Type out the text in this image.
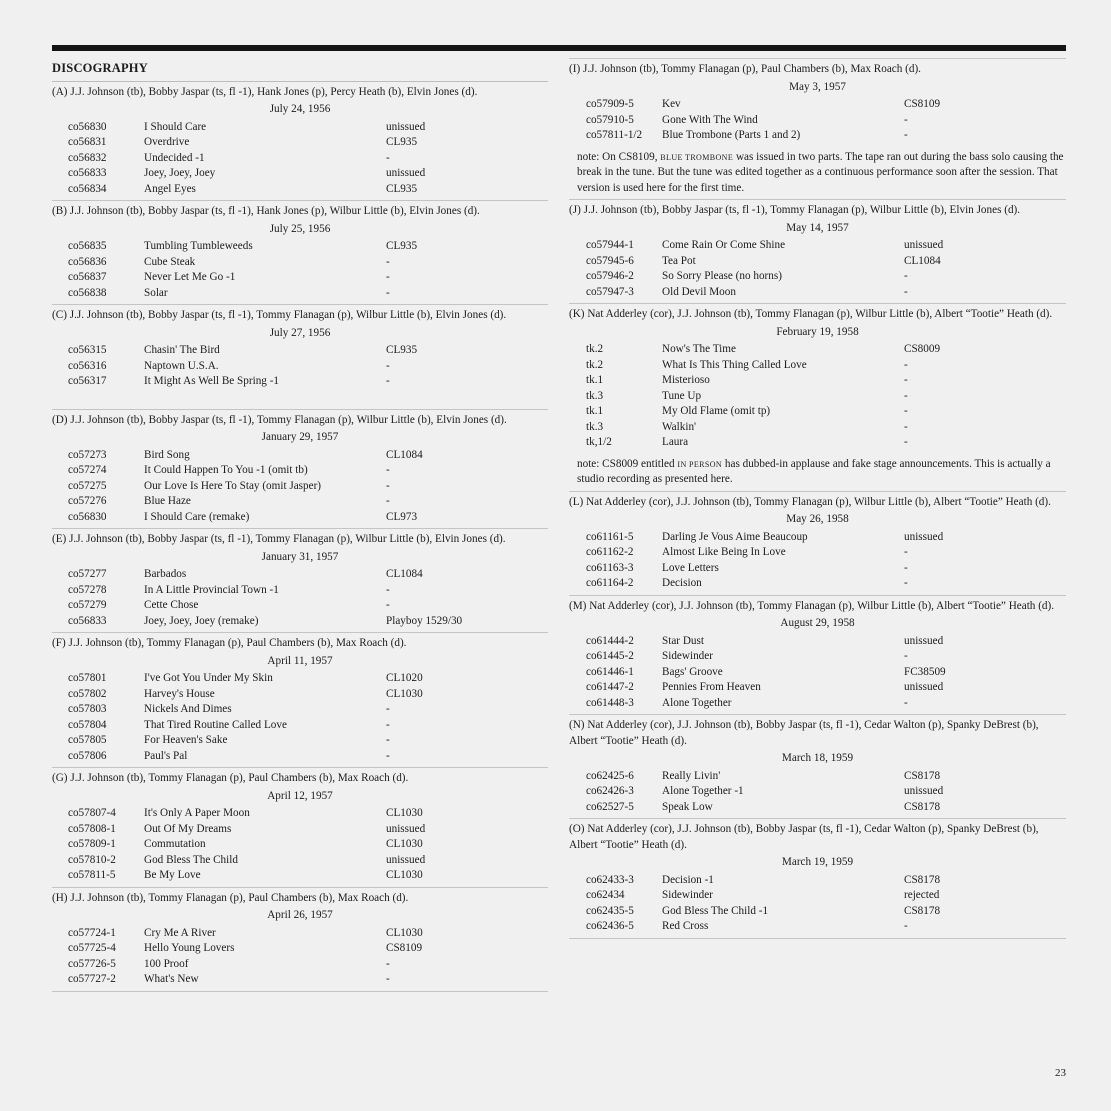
DISCOGRAPHY

(A) J.J. Johnson (tb), Bobby Jaspar (ts, fl -1), Hank Jones (p), Percy Heath (b), Elvin Jones (d).

July 24, 1956
co56830	I Should Care	unissued
co56831	Overdrive	CL935
co56832	Undecided -1	-
co56833	Joey, Joey, Joey	unissued
co56834	Angel Eyes	CL935

(B) J.J. Johnson (tb), Bobby Jaspar (ts, fl -1), Hank Jones (p), Wilbur Little (b), Elvin Jones (d).

July 25, 1956
co56835	Tumbling Tumbleweeds	CL935
co56836	Cube Steak	-
co56837	Never Let Me Go -1	-
co56838	Solar	-

(C) J.J. Johnson (tb), Bobby Jaspar (ts, fl -1), Tommy Flanagan (p), Wilbur Little (b), Elvin Jones (d).

July 27, 1956
co56315	Chasin' The Bird	CL935
co56316	Naptown U.S.A.	-
co56317	It Might As Well Be Spring -1	-

(D) J.J. Johnson (tb), Bobby Jaspar (ts, fl -1), Tommy Flanagan (p), Wilbur Little (b), Elvin Jones (d).

January 29, 1957
co57273	Bird Song	CL1084
co57274	It Could Happen To You -1 (omit tb)	-
co57275	Our Love Is Here To Stay (omit Jasper)	-
co57276	Blue Haze	-
co56830	I Should Care (remake)	CL973

(E) J.J. Johnson (tb), Bobby Jaspar (ts, fl -1), Tommy Flanagan (p), Wilbur Little (b), Elvin Jones (d).

January 31, 1957
co57277	Barbados	CL1084
co57278	In A Little Provincial Town -1	-
co57279	Cette Chose	-
co56833	Joey, Joey, Joey (remake)	Playboy 1529/30

(F) J.J. Johnson (tb), Tommy Flanagan (p), Paul Chambers (b), Max Roach (d).

April 11, 1957
co57801	I've Got You Under My Skin	CL1020
co57802	Harvey's House	CL1030
co57803	Nickels And Dimes	-
co57804	That Tired Routine Called Love	-
co57805	For Heaven's Sake	-
co57806	Paul's Pal	-

(G) J.J. Johnson (tb), Tommy Flanagan (p), Paul Chambers (b), Max Roach (d).

April 12, 1957
co57807-4	It's Only A Paper Moon	CL1030
co57808-1	Out Of My Dreams	unissued
co57809-1	Commutation	CL1030
co57810-2	God Bless The Child	unissued
co57811-5	Be My Love	CL1030

(H) J.J. Johnson (tb), Tommy Flanagan (p), Paul Chambers (b), Max Roach (d).

April 26, 1957
co57724-1	Cry Me A River	CL1030
co57725-4	Hello Young Lovers	CS8109
co57726-5	100 Proof	-
co57727-2	What's New	-

(I) J.J. Johnson (tb), Tommy Flanagan (p), Paul Chambers (b), Max Roach (d).

May 3, 1957
co57909-5	Kev	CS8109
co57910-5	Gone With The Wind	-
co57811-1/2	Blue Trombone (Parts 1 and 2)	-

note: On CS8109, BLUE TROMBONE was issued in two parts. The tape ran out during the bass solo causing the break in the tune. But the tune was edited together as a continuous performance soon after the session. That version is used here for the first time.

(J) J.J. Johnson (tb), Bobby Jaspar (ts, fl -1), Tommy Flanagan (p), Wilbur Little (b), Elvin Jones (d).

May 14, 1957
co57944-1	Come Rain Or Come Shine	unissued
co57945-6	Tea Pot	CL1084
co57946-2	So Sorry Please (no horns)	-
co57947-3	Old Devil Moon	-

(K) Nat Adderley (cor), J.J. Johnson (tb), Tommy Flanagan (p), Wilbur Little (b), Albert “Tootie” Heath (d).

February 19, 1958
tk.2	Now's The Time	CS8009
tk.2	What Is This Thing Called Love	-
tk.1	Misterioso	-
tk.3	Tune Up	-
tk.1	My Old Flame (omit tp)	-
tk.3	Walkin'	-
tk,1/2	Laura	-

note: CS8009 entitled IN PERSON has dubbed-in applause and fake stage announcements. This is actually a studio recording as presented here.

(L) Nat Adderley (cor), J.J. Johnson (tb), Tommy Flanagan (p), Wilbur Little (b), Albert “Tootie” Heath (d).

May 26, 1958
co61161-5	Darling Je Vous Aime Beaucoup	unissued
co61162-2	Almost Like Being In Love	-
co61163-3	Love Letters	-
co61164-2	Decision	-

(M) Nat Adderley (cor), J.J. Johnson (tb), Tommy Flanagan (p), Wilbur Little (b), Albert “Tootie” Heath (d).

August 29, 1958
co61444-2	Star Dust	unissued
co61445-2	Sidewinder	-
co61446-1	Bags' Groove	FC38509
co61447-2	Pennies From Heaven	unissued
co61448-3	Alone Together	-

(N) Nat Adderley (cor), J.J. Johnson (tb), Bobby Jaspar (ts, fl -1), Cedar Walton (p), Spanky DeBrest (b), Albert “Tootie” Heath (d).

March 18, 1959
co62425-6	Really Livin'	CS8178
co62426-3	Alone Together -1	unissued
co62527-5	Speak Low	CS8178

(O) Nat Adderley (cor), J.J. Johnson (tb), Bobby Jaspar (ts, fl -1), Cedar Walton (p), Spanky DeBrest (b), Albert “Tootie” Heath (d).

March 19, 1959
co62433-3	Decision -1	CS8178
co62434	Sidewinder	rejected
co62435-5	God Bless The Child -1	CS8178
co62436-5	Red Cross	-
23
